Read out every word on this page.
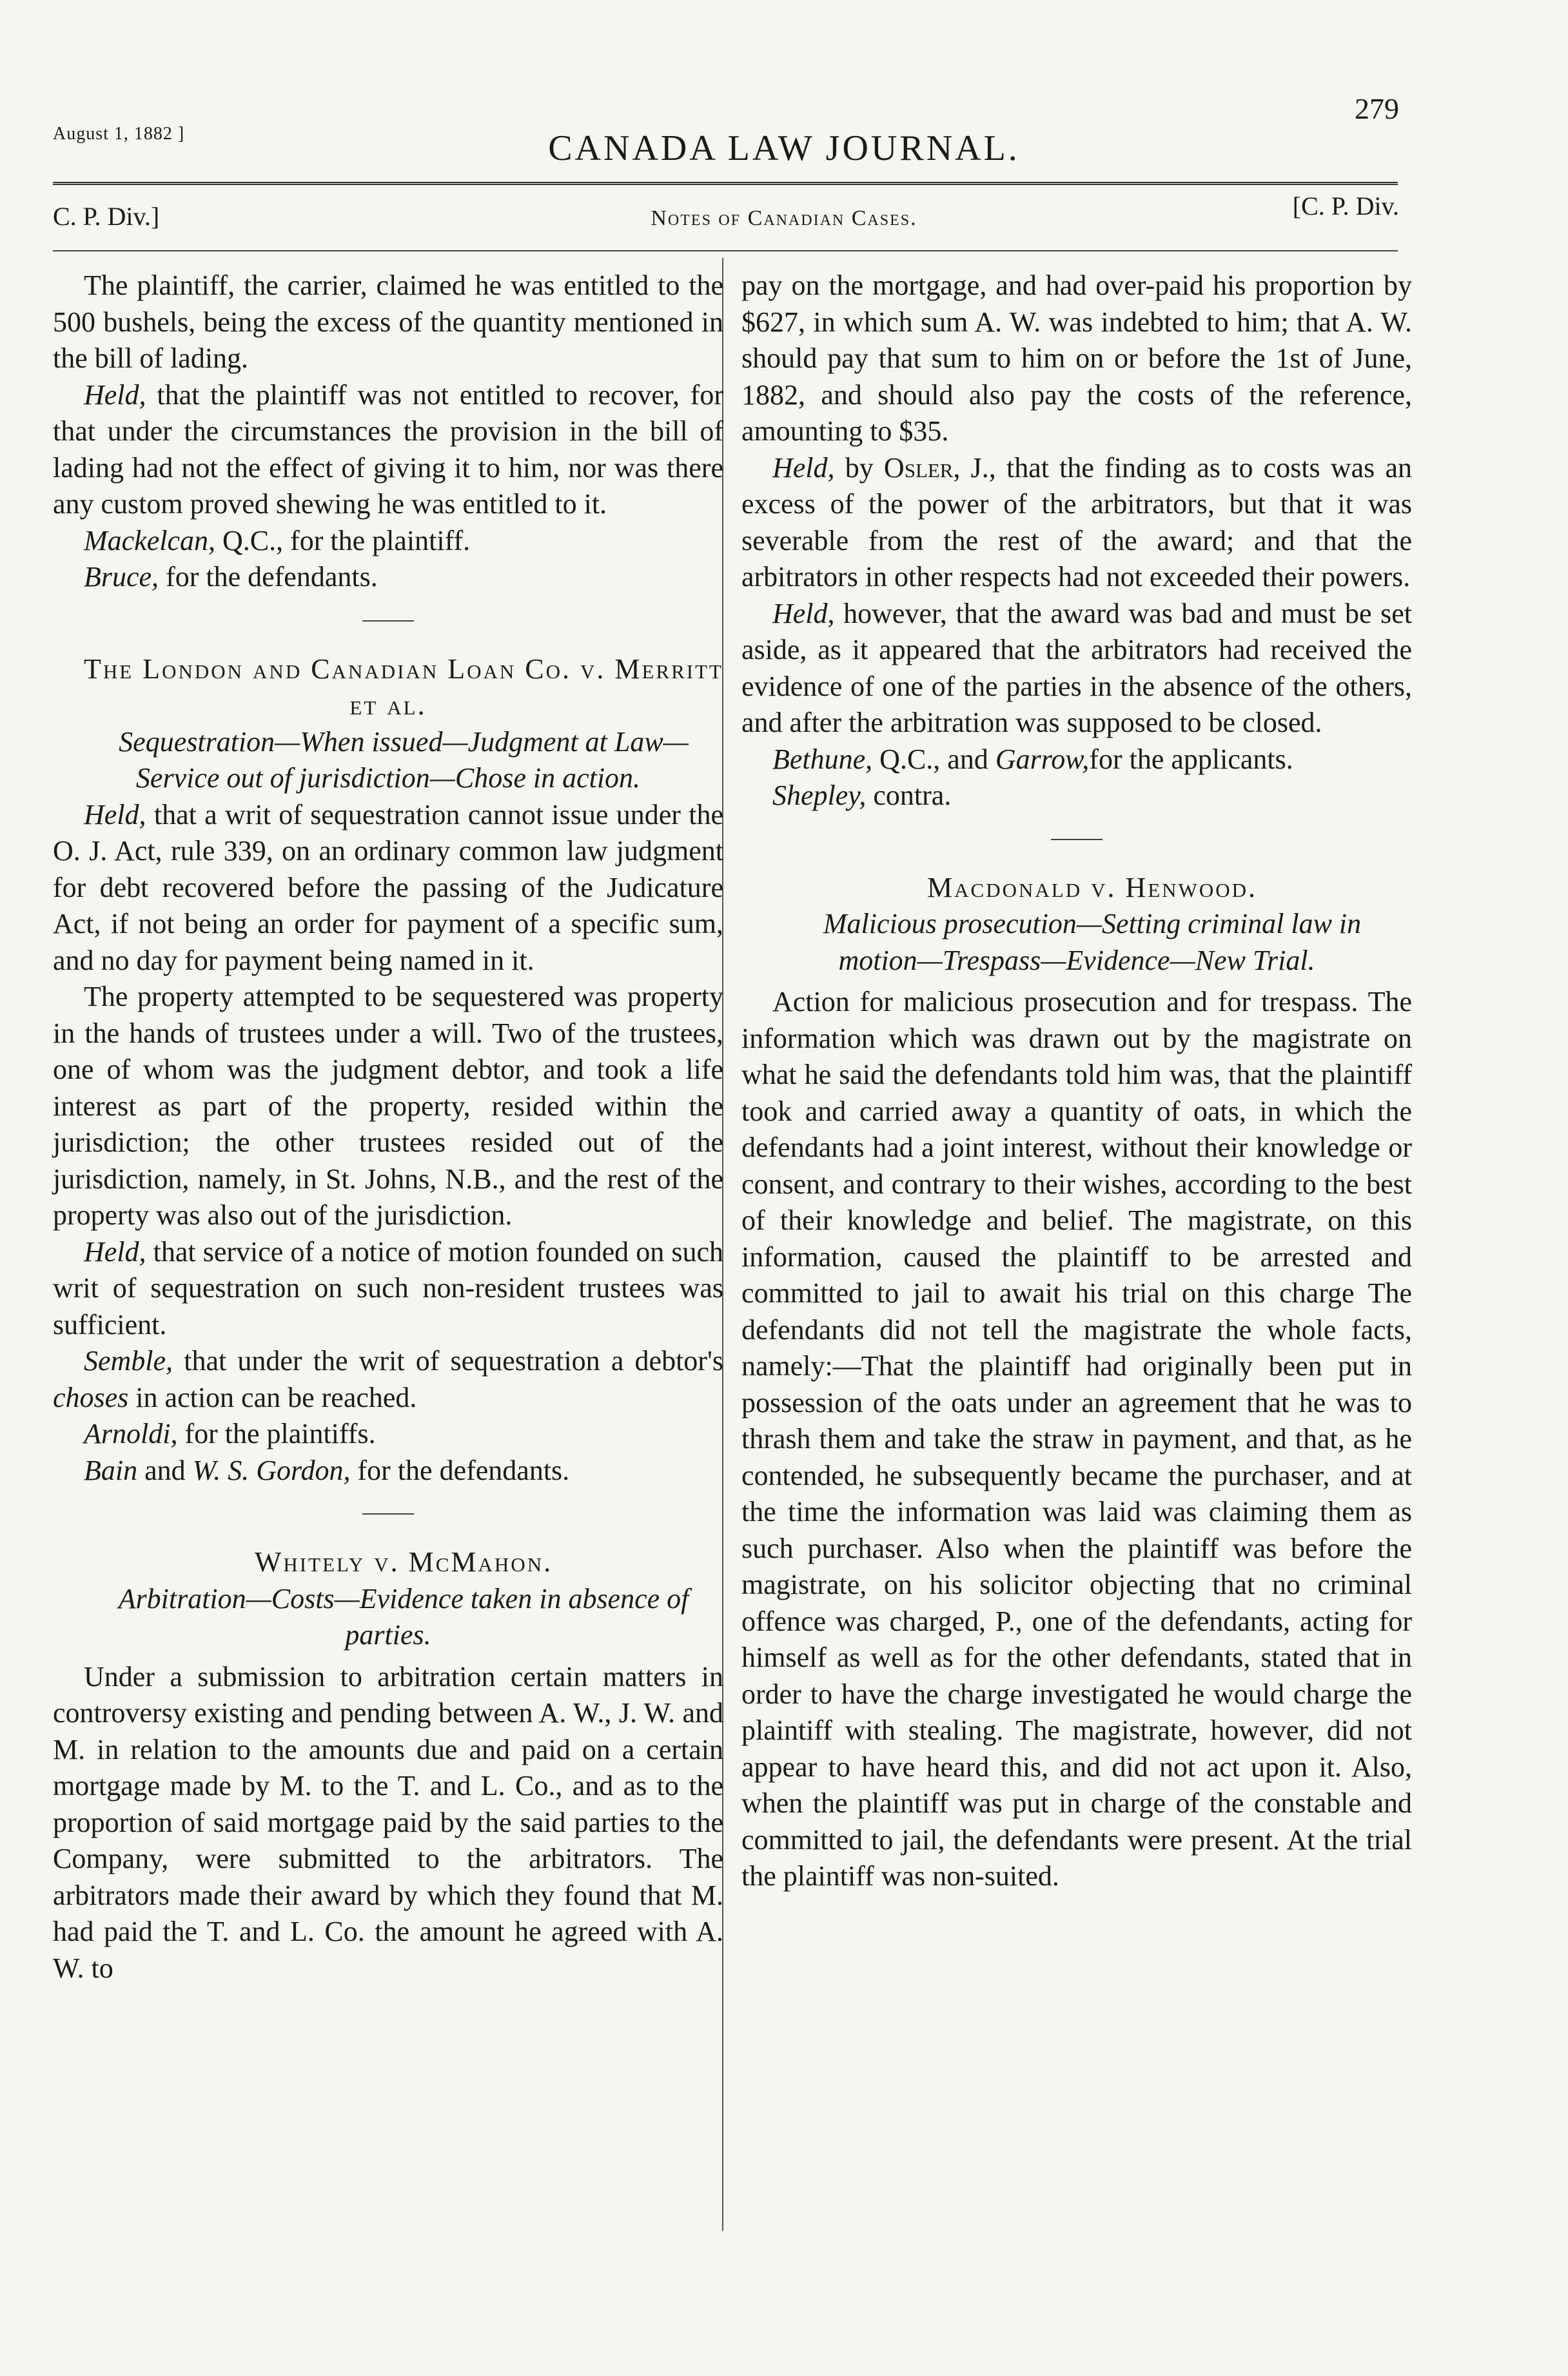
August 1, 1882 ]	CANADA LAW JOURNAL.
279
C. P. Div.]	Notes of Canadian Cases.	[C. P. Div.

The plaintiff, the carrier, claimed he was entitled to the 500 bushels, being the excess of the quantity mentioned in the bill of lading.

Held, that the plaintiff was not entitled to recover, for that under the circumstances the provision in the bill of lading had not the effect of giving it to him, nor was there any custom proved shewing he was entitled to it.

Mackelcan, Q.C., for the plaintiff.

Bruce, for the defendants.

The London and Canadian Loan Co. v. Merritt et al.

Sequestration—When issued—Judgment at Law—Service out of jurisdiction—Chose in action.

Held, that a writ of sequestration cannot issue under the O. J. Act, rule 339, on an ordinary common law judgment for debt recovered before the passing of the Judicature Act, if not being an order for payment of a specific sum, and no day for payment being named in it.

The property attempted to be sequestered was property in the hands of trustees under a will. Two of the trustees, one of whom was the judgment debtor, and took a life interest as part of the property, resided within the jurisdiction; the other trustees resided out of the jurisdiction, namely, in St. Johns, N.B., and the rest of the property was also out of the jurisdiction.

Held, that service of a notice of motion founded on such writ of sequestration on such non-resident trustees was sufficient.

Semble, that under the writ of sequestration a debtor's choses in action can be reached.

Arnoldi, for the plaintiffs.

Bain and W. S. Gordon, for the defendants.

Whitely v. McMahon.

Arbitration—Costs—Evidence taken in absence of parties.

Under a submission to arbitration certain matters in controversy existing and pending between A. W., J. W. and M. in relation to the amounts due and paid on a certain mortgage made by M. to the T. and L. Co., and as to the proportion of said mortgage paid by the said parties to the Company, were submitted to the arbitrators. The arbitrators made their award by which they found that M. had paid the T. and L. Co. the amount he agreed with A. W. to

pay on the mortgage, and had over-paid his proportion by $627, in which sum A. W. was indebted to him; that A. W. should pay that sum to him on or before the 1st of June, 1882, and should also pay the costs of the reference, amounting to $35.

Held, by Osler, J., that the finding as to costs was an excess of the power of the arbitrators, but that it was severable from the rest of the award; and that the arbitrators in other respects had not exceeded their powers.

Held, however, that the award was bad and must be set aside, as it appeared that the arbitrators had received the evidence of one of the parties in the absence of the others, and after the arbitration was supposed to be closed.

Bethune, Q.C., and Garrow,for the applicants.

Shepley, contra.

Macdonald v. Henwood.

Malicious prosecution—Setting criminal law in motion—Trespass—Evidence—New Trial.

Action for malicious prosecution and for trespass. The information which was drawn out by the magistrate on what he said the defendants told him was, that the plaintiff took and carried away a quantity of oats, in which the defendants had a joint interest, without their knowledge or consent, and contrary to their wishes, according to the best of their knowledge and belief. The magistrate, on this information, caused the plaintiff to be arrested and committed to jail to await his trial on this charge The defendants did not tell the magistrate the whole facts, namely:—That the plaintiff had originally been put in possession of the oats under an agreement that he was to thrash them and take the straw in payment, and that, as he contended, he subsequently became the purchaser, and at the time the information was laid was claiming them as such purchaser. Also when the plaintiff was before the magistrate, on his solicitor objecting that no criminal offence was charged, P., one of the defendants, acting for himself as well as for the other defendants, stated that in order to have the charge investigated he would charge the plaintiff with stealing. The magistrate, however, did not appear to have heard this, and did not act upon it. Also, when the plaintiff was put in charge of the constable and committed to jail, the defendants were present. At the trial the plaintiff was non-suited.
